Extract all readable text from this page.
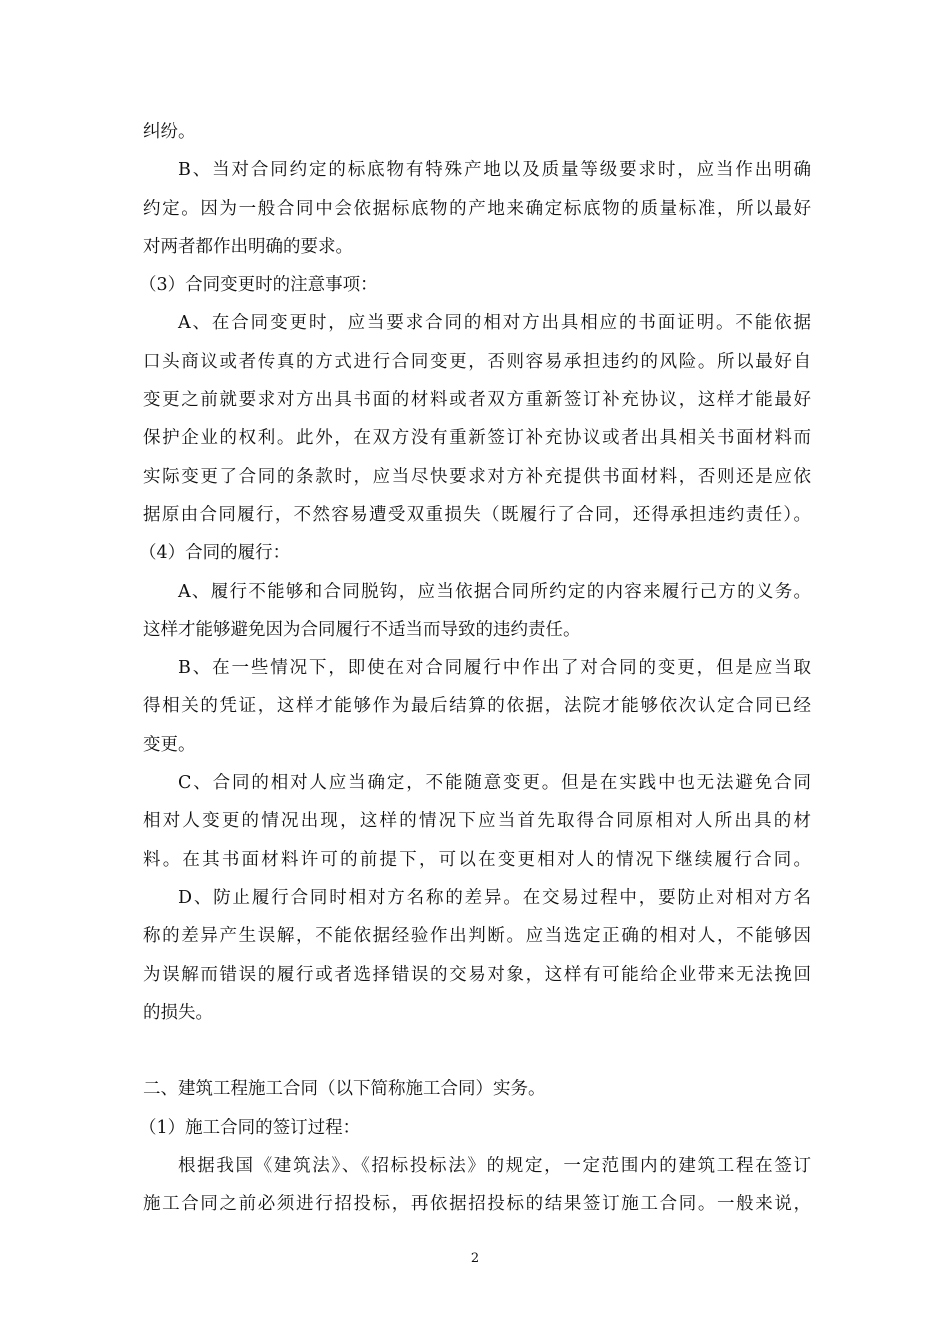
纠纷。
B、当对合同约定的标底物有特殊产地以及质量等级要求时，应当作出明确
约定。因为一般合同中会依据标底物的产地来确定标底物的质量标准，所以最好
对两者都作出明确的要求。
（3）合同变更时的注意事项：
A、在合同变更时，应当要求合同的相对方出具相应的书面证明。不能依据
口头商议或者传真的方式进行合同变更，否则容易承担违约的风险。所以最好自
变更之前就要求对方出具书面的材料或者双方重新签订补充协议，这样才能最好
保护企业的权利。此外，在双方没有重新签订补充协议或者出具相关书面材料而
实际变更了合同的条款时，应当尽快要求对方补充提供书面材料，否则还是应依
据原由合同履行，不然容易遭受双重损失（既履行了合同，还得承担违约责任）。
（4）合同的履行：
A、履行不能够和合同脱钩，应当依据合同所约定的内容来履行己方的义务。
这样才能够避免因为合同履行不适当而导致的违约责任。
B、在一些情况下，即使在对合同履行中作出了对合同的变更，但是应当取
得相关的凭证，这样才能够作为最后结算的依据，法院才能够依次认定合同已经
变更。
C、合同的相对人应当确定，不能随意变更。但是在实践中也无法避免合同
相对人变更的情况出现，这样的情况下应当首先取得合同原相对人所出具的材
料。在其书面材料许可的前提下，可以在变更相对人的情况下继续履行合同。
D、防止履行合同时相对方名称的差异。在交易过程中，要防止对相对方名
称的差异产生误解，不能依据经验作出判断。应当选定正确的相对人，不能够因
为误解而错误的履行或者选择错误的交易对象，这样有可能给企业带来无法挽回
的损失。
二、建筑工程施工合同（以下简称施工合同）实务。
（1）施工合同的签订过程：
根据我国《建筑法》、《招标投标法》的规定，一定范围内的建筑工程在签订
施工合同之前必须进行招投标，再依据招投标的结果签订施工合同。一般来说，
2
